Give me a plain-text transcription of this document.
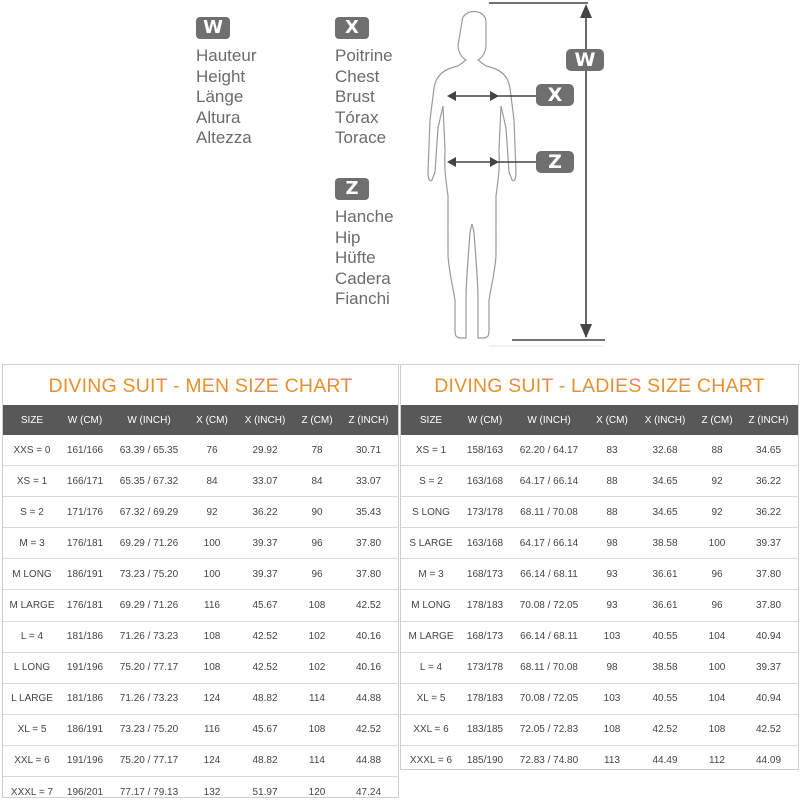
W
Hauteur
Height
Länge
Altura
Altezza
X
Poitrine
Chest
Brust
Tórax
Torace
Z
Hanche
Hip
Hüfte
Cadera
Fianchi
W
X
Z
DIVING SUIT - MEN SIZE CHART
SIZE	W (CM)	W (INCH)	X (CM)	X (INCH)	Z (CM)	Z (INCH)
XXS = 0	161/166	63.39 / 65.35	76	29.92	78	30.71
XS = 1	166/171	65.35 / 67.32	84	33.07	84	33.07
S = 2	171/176	67.32 / 69.29	92	36.22	90	35.43
M = 3	176/181	69.29 / 71.26	100	39.37	96	37.80
M LONG	186/191	73.23 / 75.20	100	39.37	96	37.80
M LARGE	176/181	69.29 / 71.26	116	45.67	108	42.52
L = 4	181/186	71.26 / 73.23	108	42.52	102	40.16
L LONG	191/196	75.20 / 77.17	108	42.52	102	40.16
L LARGE	181/186	71.26 / 73.23	124	48.82	114	44.88
XL = 5	186/191	73.23 / 75.20	116	45.67	108	42.52
XXL = 6	191/196	75.20 / 77.17	124	48.82	114	44.88
XXXL = 7	196/201	77.17 / 79.13	132	51.97	120	47.24
DIVING SUIT - LADIES SIZE CHART
SIZE	W (CM)	W (INCH)	X (CM)	X (INCH)	Z (CM)	Z (INCH)
XS = 1	158/163	62.20 / 64.17	83	32.68	88	34.65
S = 2	163/168	64.17 / 66.14	88	34.65	92	36.22
S LONG	173/178	68.11 / 70.08	88	34.65	92	36.22
S LARGE	163/168	64.17 / 66.14	98	38.58	100	39.37
M = 3	168/173	66.14 / 68.11	93	36.61	96	37.80
M LONG	178/183	70.08 / 72.05	93	36.61	96	37.80
M LARGE	168/173	66.14 / 68.11	103	40.55	104	40.94
L = 4	173/178	68.11 / 70.08	98	38.58	100	39.37
XL = 5	178/183	70.08 / 72.05	103	40.55	104	40.94
XXL = 6	183/185	72.05 / 72.83	108	42.52	108	42.52
XXXL = 6	185/190	72.83 / 74.80	113	44.49	112	44.09
